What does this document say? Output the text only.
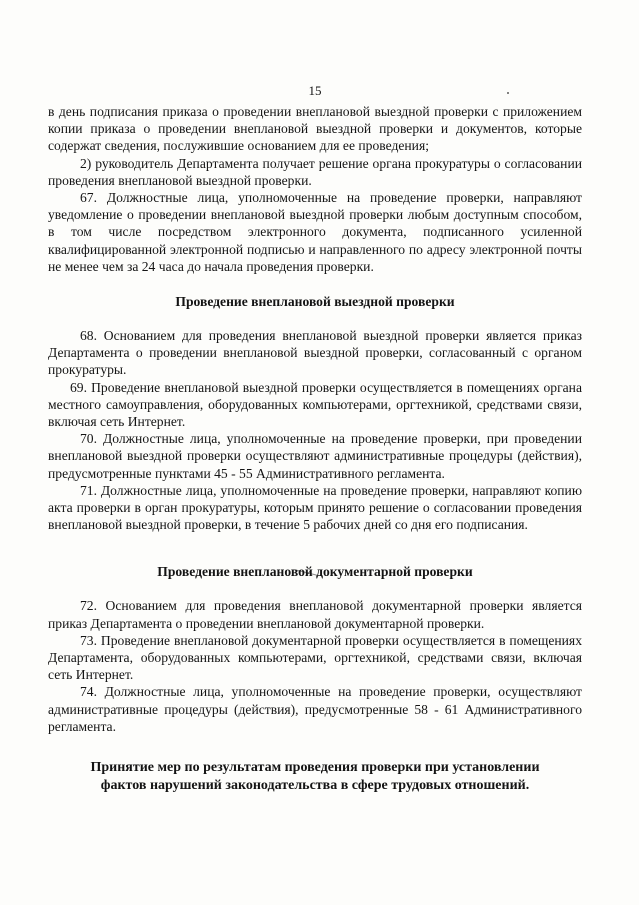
15

в день подписания приказа о проведении внеплановой выездной проверки с приложением копии приказа о проведении внеплановой выездной проверки и документов, которые содержат сведения, послужившие основанием для ее проведения;

2) руководитель Департамента получает решение органа прокуратуры о согласовании проведения внеплановой выездной проверки.

67. Должностные лица, уполномоченные на проведение проверки, направляют уведомление о проведении внеплановой выездной проверки любым доступным способом, в том числе посредством электронного документа, подписанного усиленной квалифицированной электронной подписью и направленного по адресу электронной почты не менее чем за 24 часа до начала проведения проверки.

Проведение внеплановой выездной проверки

68. Основанием для проведения внеплановой выездной проверки является приказ Департамента о проведении внеплановой выездной проверки, согласованный с органом прокуратуры.

69. Проведение внеплановой выездной проверки осуществляется в помещениях органа местного самоуправления, оборудованных компьютерами, оргтехникой, средствами связи, включая сеть Интернет.

70. Должностные лица, уполномоченные на проведение проверки, при проведении внеплановой выездной проверки осуществляют административные процедуры (действия), предусмотренные пунктами 45 - 55 Административного регламента.

71. Должностные лица, уполномоченные на проведение проверки, направляют копию акта проверки в орган прокуратуры, которым принято решение о согласовании проведения внеплановой выездной проверки, в течение 5 рабочих дней со дня его подписания.

Проведение внеплановой документарной проверки

72. Основанием для проведения внеплановой документарной проверки является приказ Департамента о проведении внеплановой документарной проверки.

73. Проведение внеплановой документарной проверки осуществляется в помещениях Департамента, оборудованных компьютерами, оргтехникой, средствами связи, включая сеть Интернет.

74. Должностные лица, уполномоченные на проведение проверки, осуществляют административные процедуры (действия), предусмотренные 58 - 61 Административного регламента.

Принятие мер по результатам проведения проверки при установлении фактов нарушений законодательства в сфере трудовых отношений.
